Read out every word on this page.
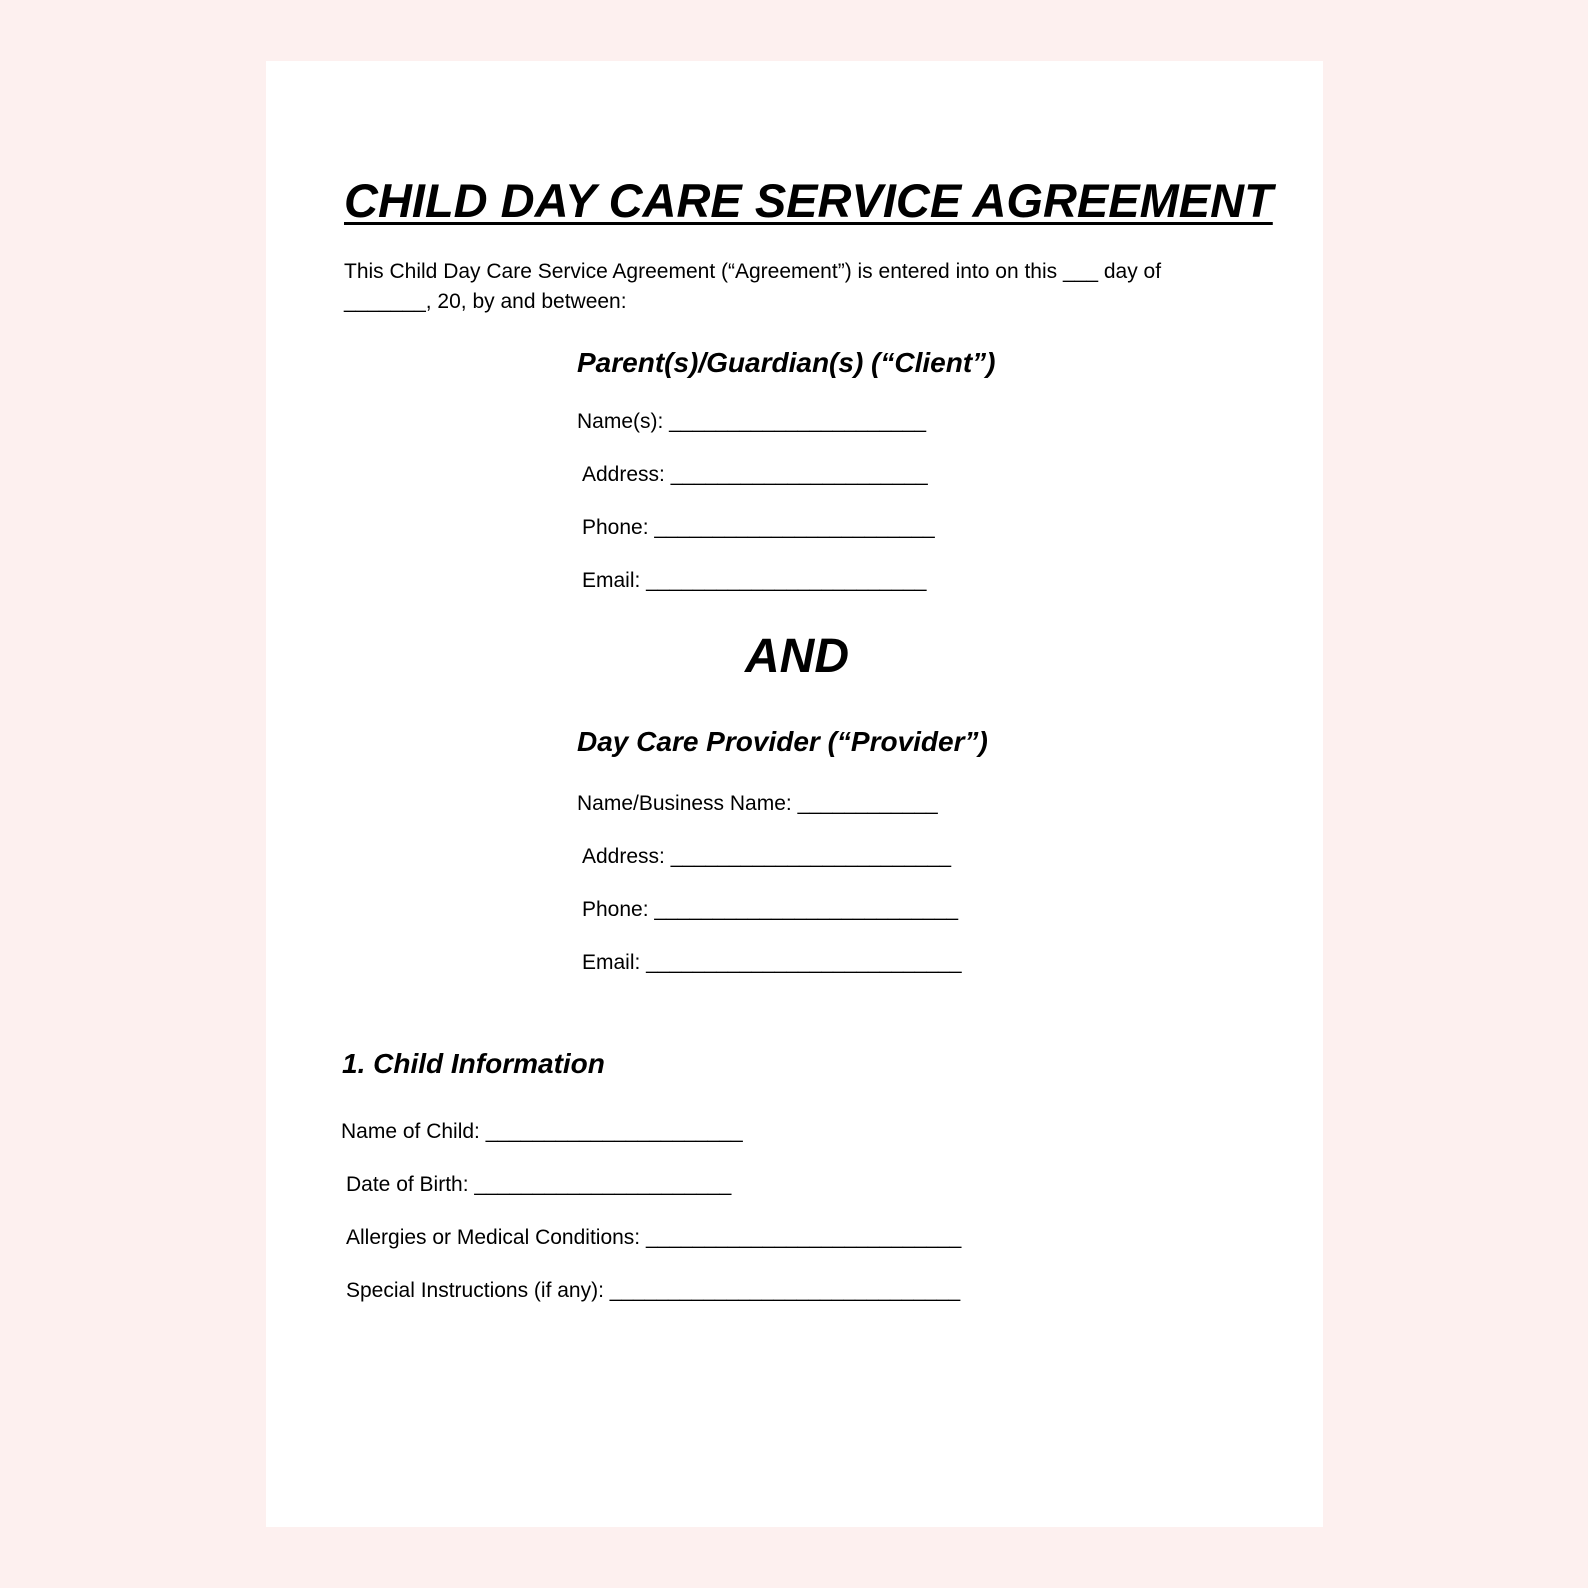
CHILD DAY CARE SERVICE AGREEMENT
This Child Day Care Service Agreement (“Agreement”) is entered into on this ___ day of
_______, 20, by and between:
Parent(s)/Guardian(s) (“Client”)
Name(s): ______________________
Address: ______________________
Phone: ________________________
Email: ________________________
AND
Day Care Provider (“Provider”)
Name/Business Name: ____________
Address: ________________________
Phone: __________________________
Email: ___________________________
1. Child Information
Name of Child: ______________________
Date of Birth: ______________________
Allergies or Medical Conditions: ___________________________
Special Instructions (if any): ______________________________
